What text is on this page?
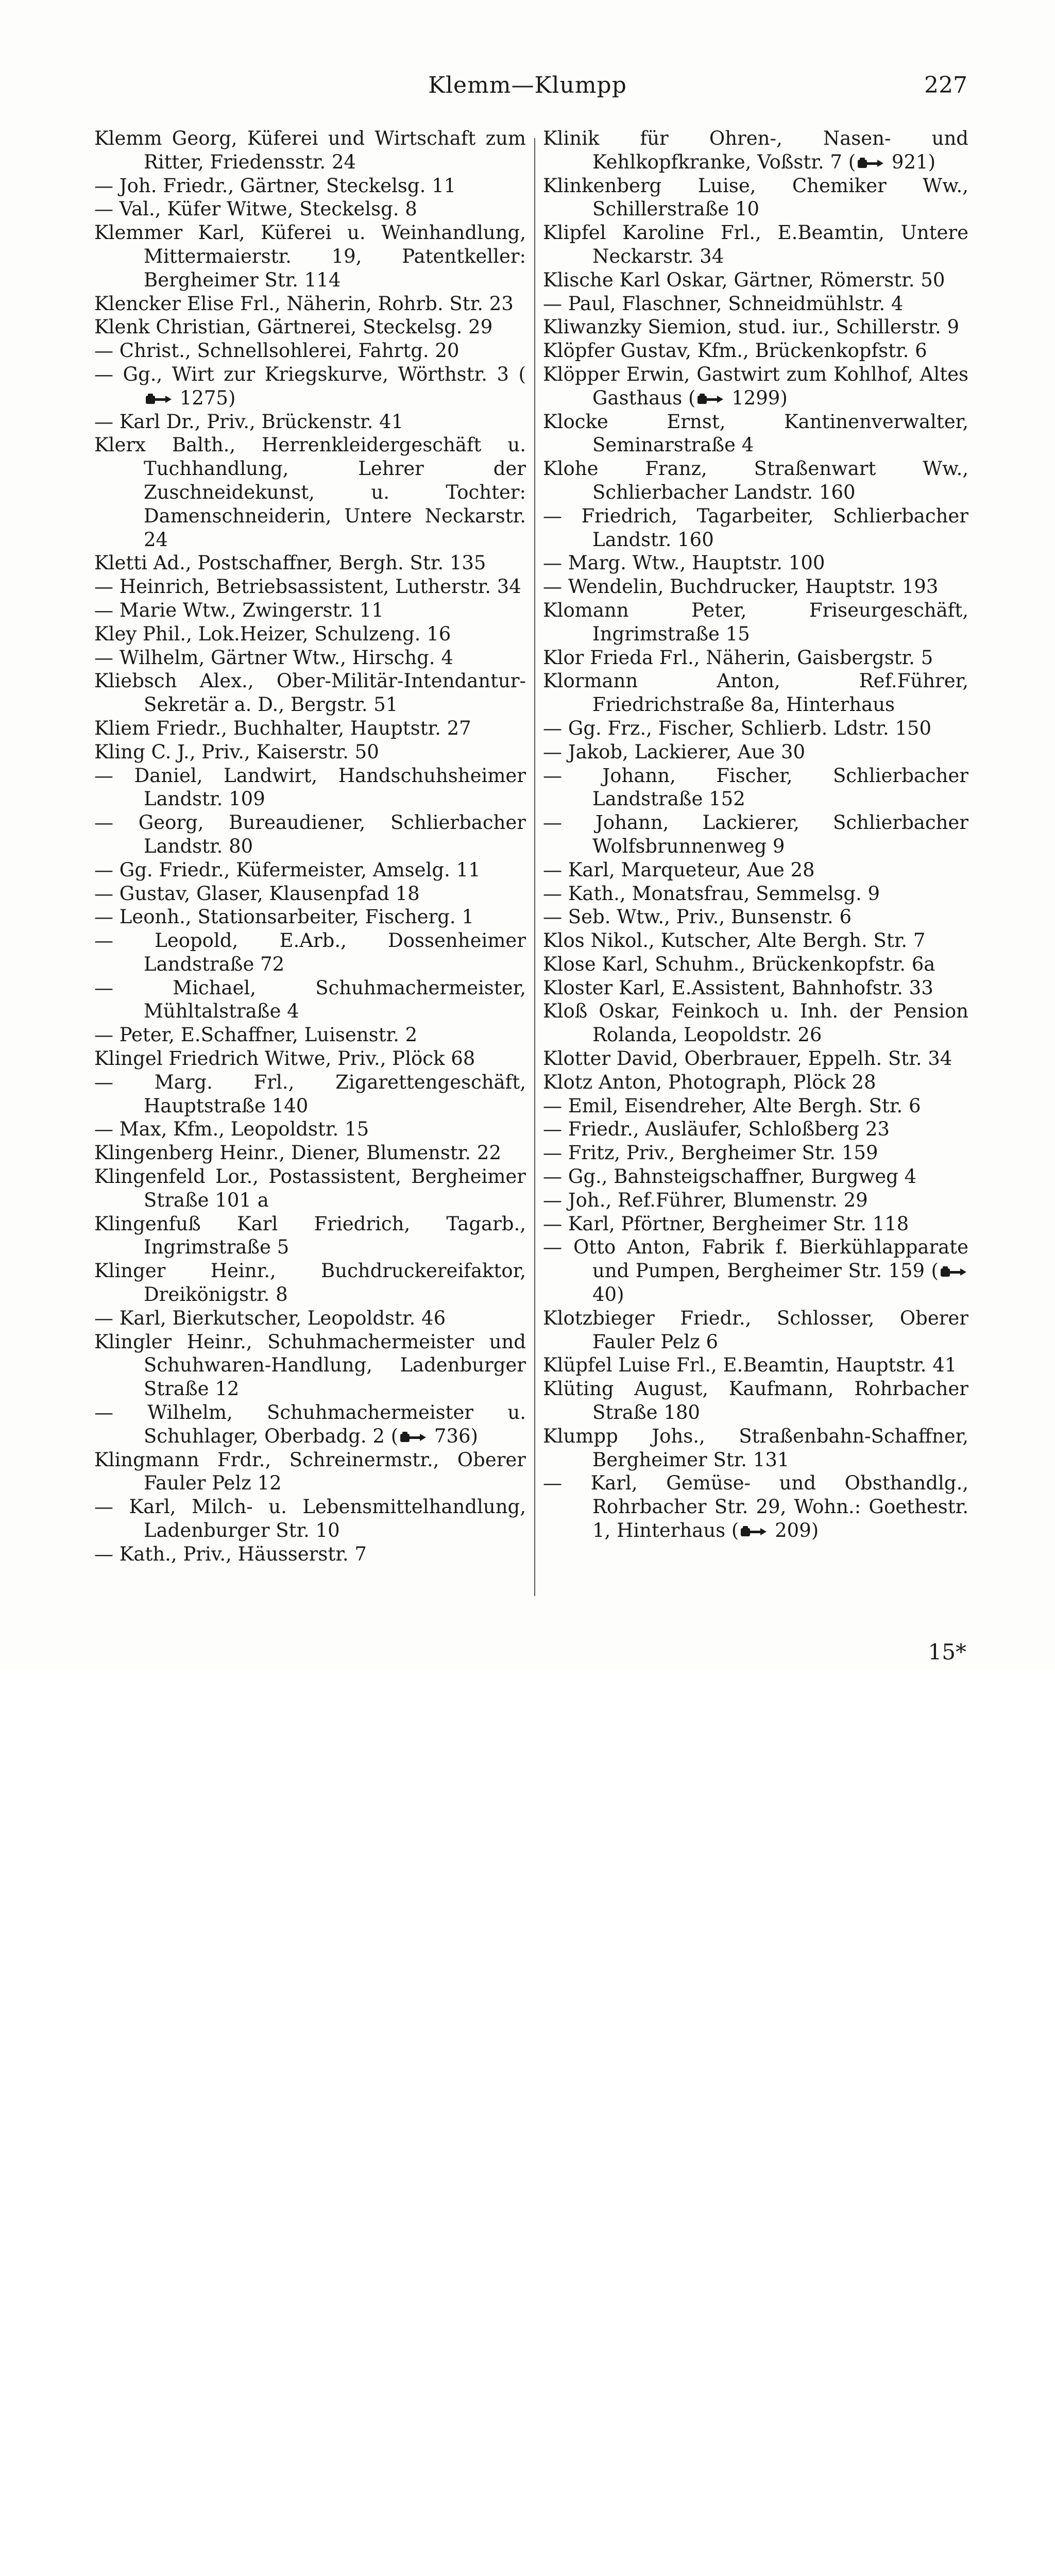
Klemm—Klumpp	227
Klemm Georg, Küferei und Wirtschaft zum Ritter, Friedensstr. 24
— Joh. Friedr., Gärtner, Steckelsg. 11
— Val., Küfer Witwe, Steckelsg. 8
Klemmer Karl, Küferei u. Weinhandlung, Mittermaierstr. 19, Patentkeller: Bergheimer Str. 114
Klencker Elise Frl., Näherin, Rohrb. Str. 23
Klenk Christian, Gärtnerei, Steckelsg. 29
— Christ., Schnellsohlerei, Fahrtg. 20
— Gg., Wirt zur Kriegskurve, Wörthstr. 3 ( 1275)
— Karl Dr., Priv., Brückenstr. 41
Klerx Balth., Herrenkleidergeschäft u. Tuchhandlung, Lehrer der Zuschneidekunst, u. Tochter: Damenschneiderin, Untere Neckarstr. 24
Kletti Ad., Postschaffner, Bergh. Str. 135
— Heinrich, Betriebsassistent, Lutherstr. 34
— Marie Wtw., Zwingerstr. 11
Kley Phil., Lok.Heizer, Schulzeng. 16
— Wilhelm, Gärtner Wtw., Hirschg. 4
Kliebsch Alex., Ober-Militär-Intendantur-Sekretär a. D., Bergstr. 51
Kliem Friedr., Buchhalter, Hauptstr. 27
Kling C. J., Priv., Kaiserstr. 50
— Daniel, Landwirt, Handschuhsheimer Landstr. 109
— Georg, Bureaudiener, Schlierbacher Landstr. 80
— Gg. Friedr., Küfermeister, Amselg. 11
— Gustav, Glaser, Klausenpfad 18
— Leonh., Stationsarbeiter, Fischerg. 1
— Leopold, E.Arb., Dossenheimer Landstraße 72
— Michael, Schuhmachermeister, Mühltalstraße 4
— Peter, E.Schaffner, Luisenstr. 2
Klingel Friedrich Witwe, Priv., Plöck 68
— Marg. Frl., Zigarettengeschäft, Hauptstraße 140
— Max, Kfm., Leopoldstr. 15
Klingenberg Heinr., Diener, Blumenstr. 22
Klingenfeld Lor., Postassistent, Bergheimer Straße 101 a
Klingenfuß Karl Friedrich, Tagarb., Ingrimstraße 5
Klinger Heinr., Buchdruckereifaktor, Dreikönigstr. 8
— Karl, Bierkutscher, Leopoldstr. 46
Klingler Heinr., Schuhmachermeister und Schuhwaren-Handlung, Ladenburger Straße 12
— Wilhelm, Schuhmachermeister u. Schuhlager, Oberbadg. 2 ( 736)
Klingmann Frdr., Schreinermstr., Oberer Fauler Pelz 12
— Karl, Milch- u. Lebensmittelhandlung, Ladenburger Str. 10
— Kath., Priv., Häusserstr. 7
Klinik für Ohren-, Nasen- und Kehlkopfkranke, Voßstr. 7 ( 921)
Klinkenberg Luise, Chemiker Ww., Schillerstraße 10
Klipfel Karoline Frl., E.Beamtin, Untere Neckarstr. 34
Klische Karl Oskar, Gärtner, Römerstr. 50
— Paul, Flaschner, Schneidmühlstr. 4
Kliwanzky Siemion, stud. iur., Schillerstr. 9
Klöpfer Gustav, Kfm., Brückenkopfstr. 6
Klöpper Erwin, Gastwirt zum Kohlhof, Altes Gasthaus ( 1299)
Klocke Ernst, Kantinenverwalter, Seminarstraße 4
Klohe Franz, Straßenwart Ww., Schlierbacher Landstr. 160
— Friedrich, Tagarbeiter, Schlierbacher Landstr. 160
— Marg. Wtw., Hauptstr. 100
— Wendelin, Buchdrucker, Hauptstr. 193
Klomann Peter, Friseurgeschäft, Ingrimstraße 15
Klor Frieda Frl., Näherin, Gaisbergstr. 5
Klormann Anton, Ref.Führer, Friedrichstraße 8a, Hinterhaus
— Gg. Frz., Fischer, Schlierb. Ldstr. 150
— Jakob, Lackierer, Aue 30
— Johann, Fischer, Schlierbacher Landstraße 152
— Johann, Lackierer, Schlierbacher Wolfsbrunnenweg 9
— Karl, Marqueteur, Aue 28
— Kath., Monatsfrau, Semmelsg. 9
— Seb. Wtw., Priv., Bunsenstr. 6
Klos Nikol., Kutscher, Alte Bergh. Str. 7
Klose Karl, Schuhm., Brückenkopfstr. 6a
Kloster Karl, E.Assistent, Bahnhofstr. 33
Kloß Oskar, Feinkoch u. Inh. der Pension Rolanda, Leopoldstr. 26
Klotter David, Oberbrauer, Eppelh. Str. 34
Klotz Anton, Photograph, Plöck 28
— Emil, Eisendreher, Alte Bergh. Str. 6
— Friedr., Ausläufer, Schloßberg 23
— Fritz, Priv., Bergheimer Str. 159
— Gg., Bahnsteigschaffner, Burgweg 4
— Joh., Ref.Führer, Blumenstr. 29
— Karl, Pförtner, Bergheimer Str. 118
— Otto Anton, Fabrik f. Bierkühlapparate und Pumpen, Bergheimer Str. 159 ( 40)
Klotzbieger Friedr., Schlosser, Oberer Fauler Pelz 6
Klüpfel Luise Frl., E.Beamtin, Hauptstr. 41
Klüting August, Kaufmann, Rohrbacher Straße 180
Klumpp Johs., Straßenbahn-Schaffner, Bergheimer Str. 131
— Karl, Gemüse- und Obsthandlg., Rohrbacher Str. 29, Wohn.: Goethestr. 1, Hinterhaus ( 209)
15*
